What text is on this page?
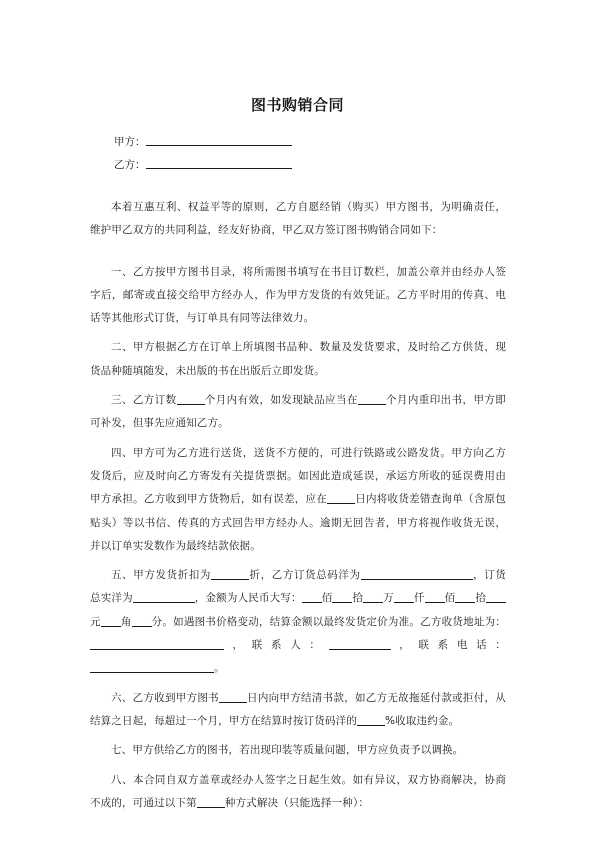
图书购销合同
甲方：
乙方：

本着互惠互利、权益平等的原则，乙方自愿经销（购买）甲方图书，为明确责任，维护甲乙双方的共同利益，经友好协商，甲乙双方签订图书购销合同如下：

一、乙方按甲方图书目录，将所需图书填写在书目订数栏，加盖公章并由经办人签字后，邮寄或直接交给甲方经办人，作为甲方发货的有效凭证。乙方平时用的传真、电话等其他形式订货，与订单具有同等法律效力。

二、甲方根据乙方在订单上所填图书品种、数量及发货要求，及时给乙方供货，现货品种随填随发，未出版的书在出版后立即发货。

三、乙方订数	个月内有效，如发现缺品应当在	个月内重印出书，甲方即可补发，但事先应通知乙方。

四、甲方可为乙方进行送货，送货不方便的，可进行铁路或公路发货。甲方向乙方发货后，应及时向乙方寄发有关提货票据。如因此造成延误，承运方所收的延误费用由甲方承担。乙方收到甲方货物后，如有误差，应在	日内将收货差错查询单（含原包贴头）等以书信、传真的方式回告甲方经办人。逾期无回告者，甲方将视作收货无误，并以订单实发数作为最终结款依据。

五、甲方发货折扣为	折，乙方订货总码洋为	，订货总实洋为	，金额为人民币大写： 佰 拾 万 仟 佰 拾元 角 分。如遇图书价格变动，结算金额以最终发货定价为准。乙方收货地址为：，联系人：	，联系电话：。

六、乙方收到甲方图书	日内向甲方结清书款，如乙方无故拖延付款或拒付，从结算之日起，每超过一个月，甲方在结算时按订货码洋的	%收取违约金。

七、甲方供给乙方的图书，若出现印装等质量问题，甲方应负责予以调换。

八、本合同自双方盖章或经办人签字之日起生效。如有异议，双方协商解决，协商不成的，可通过以下第	种方式解决（只能选择一种）：
